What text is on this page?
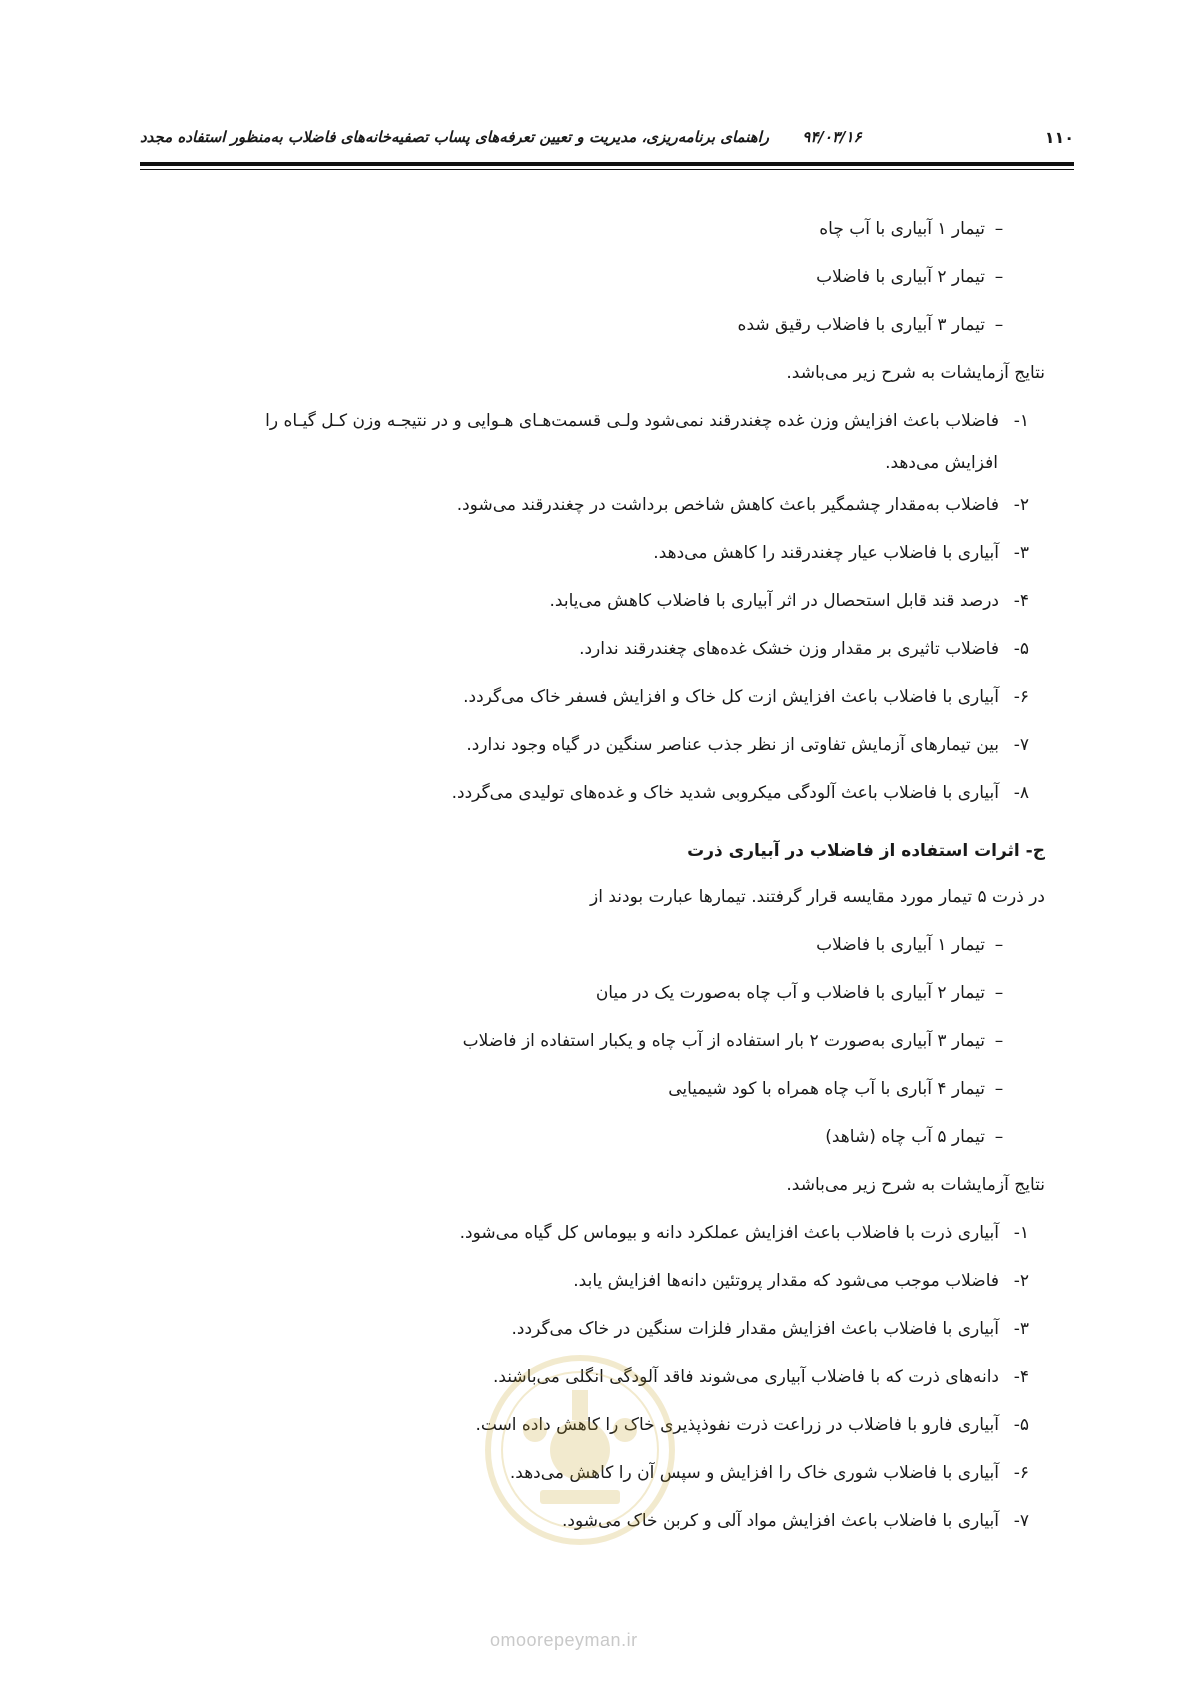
۱۱۰
۹۴/۰۳/۱۶ راهنمای برنامه‌ریزی، مدیریت و تعیین تعرفه‌های پساب تصفیه‌خانه‌های فاضلاب به‌منظور استفاده مجدد
–تیمار ۱ آبیاری با آب چاه
–تیمار ۲ آبیاری با فاضلاب
–تیمار ۳ آبیاری با فاضلاب رقیق شده
نتایج آزمایشات به شرح زیر می‌باشد.
۱-فاضلاب باعث افزایش وزن غده چغندرقند نمی‌شود ولـی قسمت‌هـای هـوایی و در نتیجـه وزن کـل گیـاه را
افزایش می‌دهد.
۲-فاضلاب به‌مقدار چشمگیر باعث کاهش شاخص برداشت در چغندرقند می‌شود.
۳-آبیاری با فاضلاب عیار چغندرقند را کاهش می‌دهد.
۴-درصد قند قابل استحصال در اثر آبیاری با فاضلاب کاهش می‌یابد.
۵-فاضلاب تاثیری بر مقدار وزن خشک غده‌های چغندرقند ندارد.
۶-آبیاری با فاضلاب باعث افزایش ازت کل خاک و افزایش فسفر خاک می‌گردد.
۷-بین تیمارهای آزمایش تفاوتی از نظر جذب عناصر سنگین در گیاه وجود ندارد.
۸-آبیاری با فاضلاب باعث آلودگی میکروبی شدید خاک و غده‌های تولیدی می‌گردد.
ج- اثرات استفاده از فاضلاب در آبیاری ذرت
در ذرت ۵ تیمار مورد مقایسه قرار گرفتند. تیمارها عبارت بودند از
–تیمار ۱ آبیاری با فاضلاب
–تیمار ۲ آبیاری با فاضلاب و آب چاه به‌صورت یک در میان
–تیمار ۳ آبیاری به‌صورت ۲ بار استفاده از آب چاه و یکبار استفاده از فاضلاب
–تیمار ۴ آباری با آب چاه همراه با کود شیمیایی
–تیمار ۵ آب چاه (شاهد)
نتایج آزمایشات به شرح زیر می‌باشد.
۱-آبیاری ذرت با فاضلاب باعث افزایش عملکرد دانه و بیوماس کل گیاه می‌شود.
۲-فاضلاب موجب می‌شود که مقدار پروتئین دانه‌ها افزایش یابد.
۳-آبیاری با فاضلاب باعث افزایش مقدار فلزات سنگین در خاک می‌گردد.
۴-دانه‌های ذرت که با فاضلاب آبیاری می‌شوند فاقد آلودگی انگلی می‌باشند.
۵-آبیاری فارو با فاضلاب در زراعت ذرت نفوذپذیری خاک را کاهش داده است.
۶-آبیاری با فاضلاب شوری خاک را افزایش و سپس آن را کاهش می‌دهد.
۷-آبیاری با فاضلاب باعث افزایش مواد آلی و کربن خاک می‌شود.
omoorepeyman.ir
